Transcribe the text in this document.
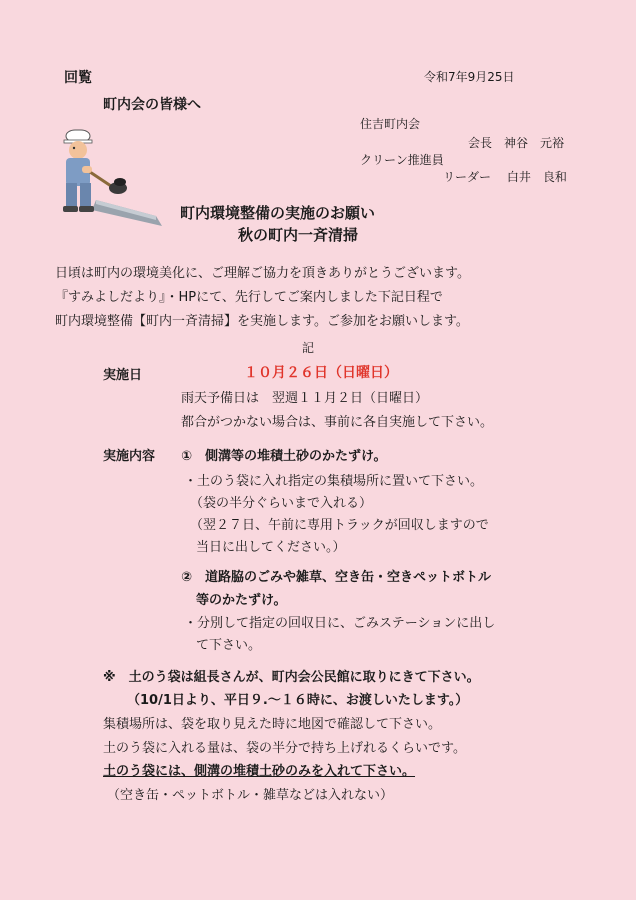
回覧	令和7年9月25日
町内会の皆様へ
住吉町内会
会長　神谷　元裕
クリーン推進員
リーダー　 白井　良和
町内環境整備の実施のお願い
秋の町内一斉清掃
日頃は町内の環境美化に、ご理解ご協力を頂きありがとうございます。
『すみよしだより』・HPにて、先行してご案内しました下記日程で
町内環境整備【町内一斉清掃】を実施します。ご参加をお願いします。
記
実施日	１０月２６日（日曜日）
雨天予備日は　翌週１１月２日（日曜日）
都合がつかない場合は、事前に各自実施して下さい。
実施内容 ①　側溝等の堆積土砂のかたずけ。
・土のう袋に入れ指定の集積場所に置いて下さい。
（袋の半分ぐらいまで入れる）
（翌２７日、午前に専用トラックが回収しますので
当日に出してください。）
②　道路脇のごみや雑草、空き缶・空きペットボトル
等のかたずけ。
・分別して指定の回収日に、ごみステーションに出し
て下さい。
※　土のう袋は組長さんが、町内会公民館に取りにきて下さい。
（10/1日より、平日９.～１６時に、お渡しいたします。）
集積場所は、袋を取り見えた時に地図で確認して下さい。
土のう袋に入れる量は、袋の半分で持ち上げれるくらいです。
土のう袋には、側溝の堆積土砂のみを入れて下さい。
（空き缶・ペットボトル・雑草などは入れない）
